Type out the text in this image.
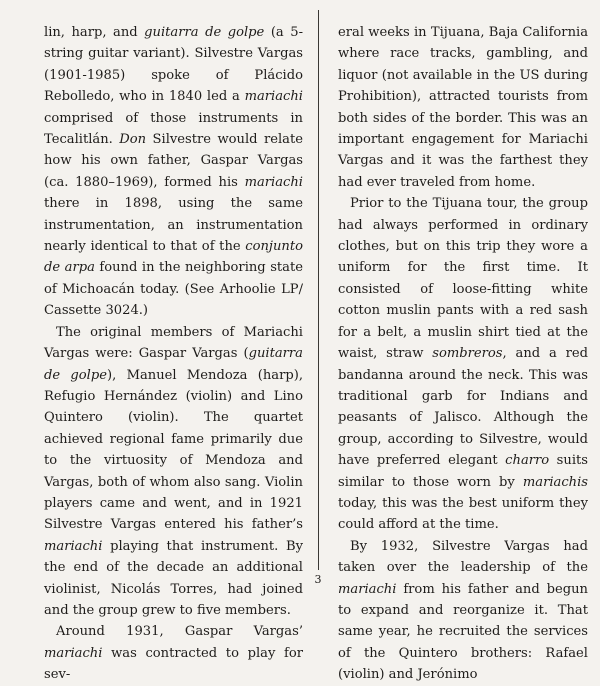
lin, harp, and guitarra de golpe (a 5-string guitar variant). Silvestre Vargas (1901-1985) spoke of Plácido Rebolledo, who in 1840 led a mariachi comprised of those instruments in Tecalitlán. Don Silvestre would relate how his own father, Gaspar Vargas (ca. 1880–1969), formed his mariachi there in 1898, using the same instrumentation, an instrumentation nearly identical to that of the conjunto de arpa found in the neighboring state of Michoacán today. (See Arhoolie LP/ Cassette 3024.)

The original members of Mariachi Vargas were: Gaspar Vargas (guitarra de golpe), Manuel Mendoza (harp), Refugio Hernández (violin) and Lino Quintero (violin). The quartet achieved regional fame primarily due to the virtuosity of Mendoza and Vargas, both of whom also sang. Violin players came and went, and in 1921 Silvestre Vargas entered his father’s mariachi playing that instrument. By the end of the decade an additional violinist, Nicolás Torres, had joined and the group grew to five members.

Around 1931, Gaspar Vargas’ mariachi was contracted to play for sev-

eral weeks in Tijuana, Baja California where race tracks, gambling, and liquor (not available in the US during Prohibition), attracted tourists from both sides of the border. This was an important engagement for Mariachi Vargas and it was the farthest they had ever traveled from home.

Prior to the Tijuana tour, the group had always performed in ordinary clothes, but on this trip they wore a uniform for the first time. It consisted of loose-fitting white cotton muslin pants with a red sash for a belt, a muslin shirt tied at the waist, straw sombreros, and a red bandanna around the neck. This was traditional garb for Indians and peasants of Jalisco. Although the group, according to Silvestre, would have preferred elegant charro suits similar to those worn by mariachis today, this was the best uniform they could afford at the time.

By 1932, Silvestre Vargas had taken over the leadership of the mariachi from his father and begun to expand and reorganize it. That same year, he recruited the services of the Quintero brothers: Rafael (violin) and Jerónimo

3
